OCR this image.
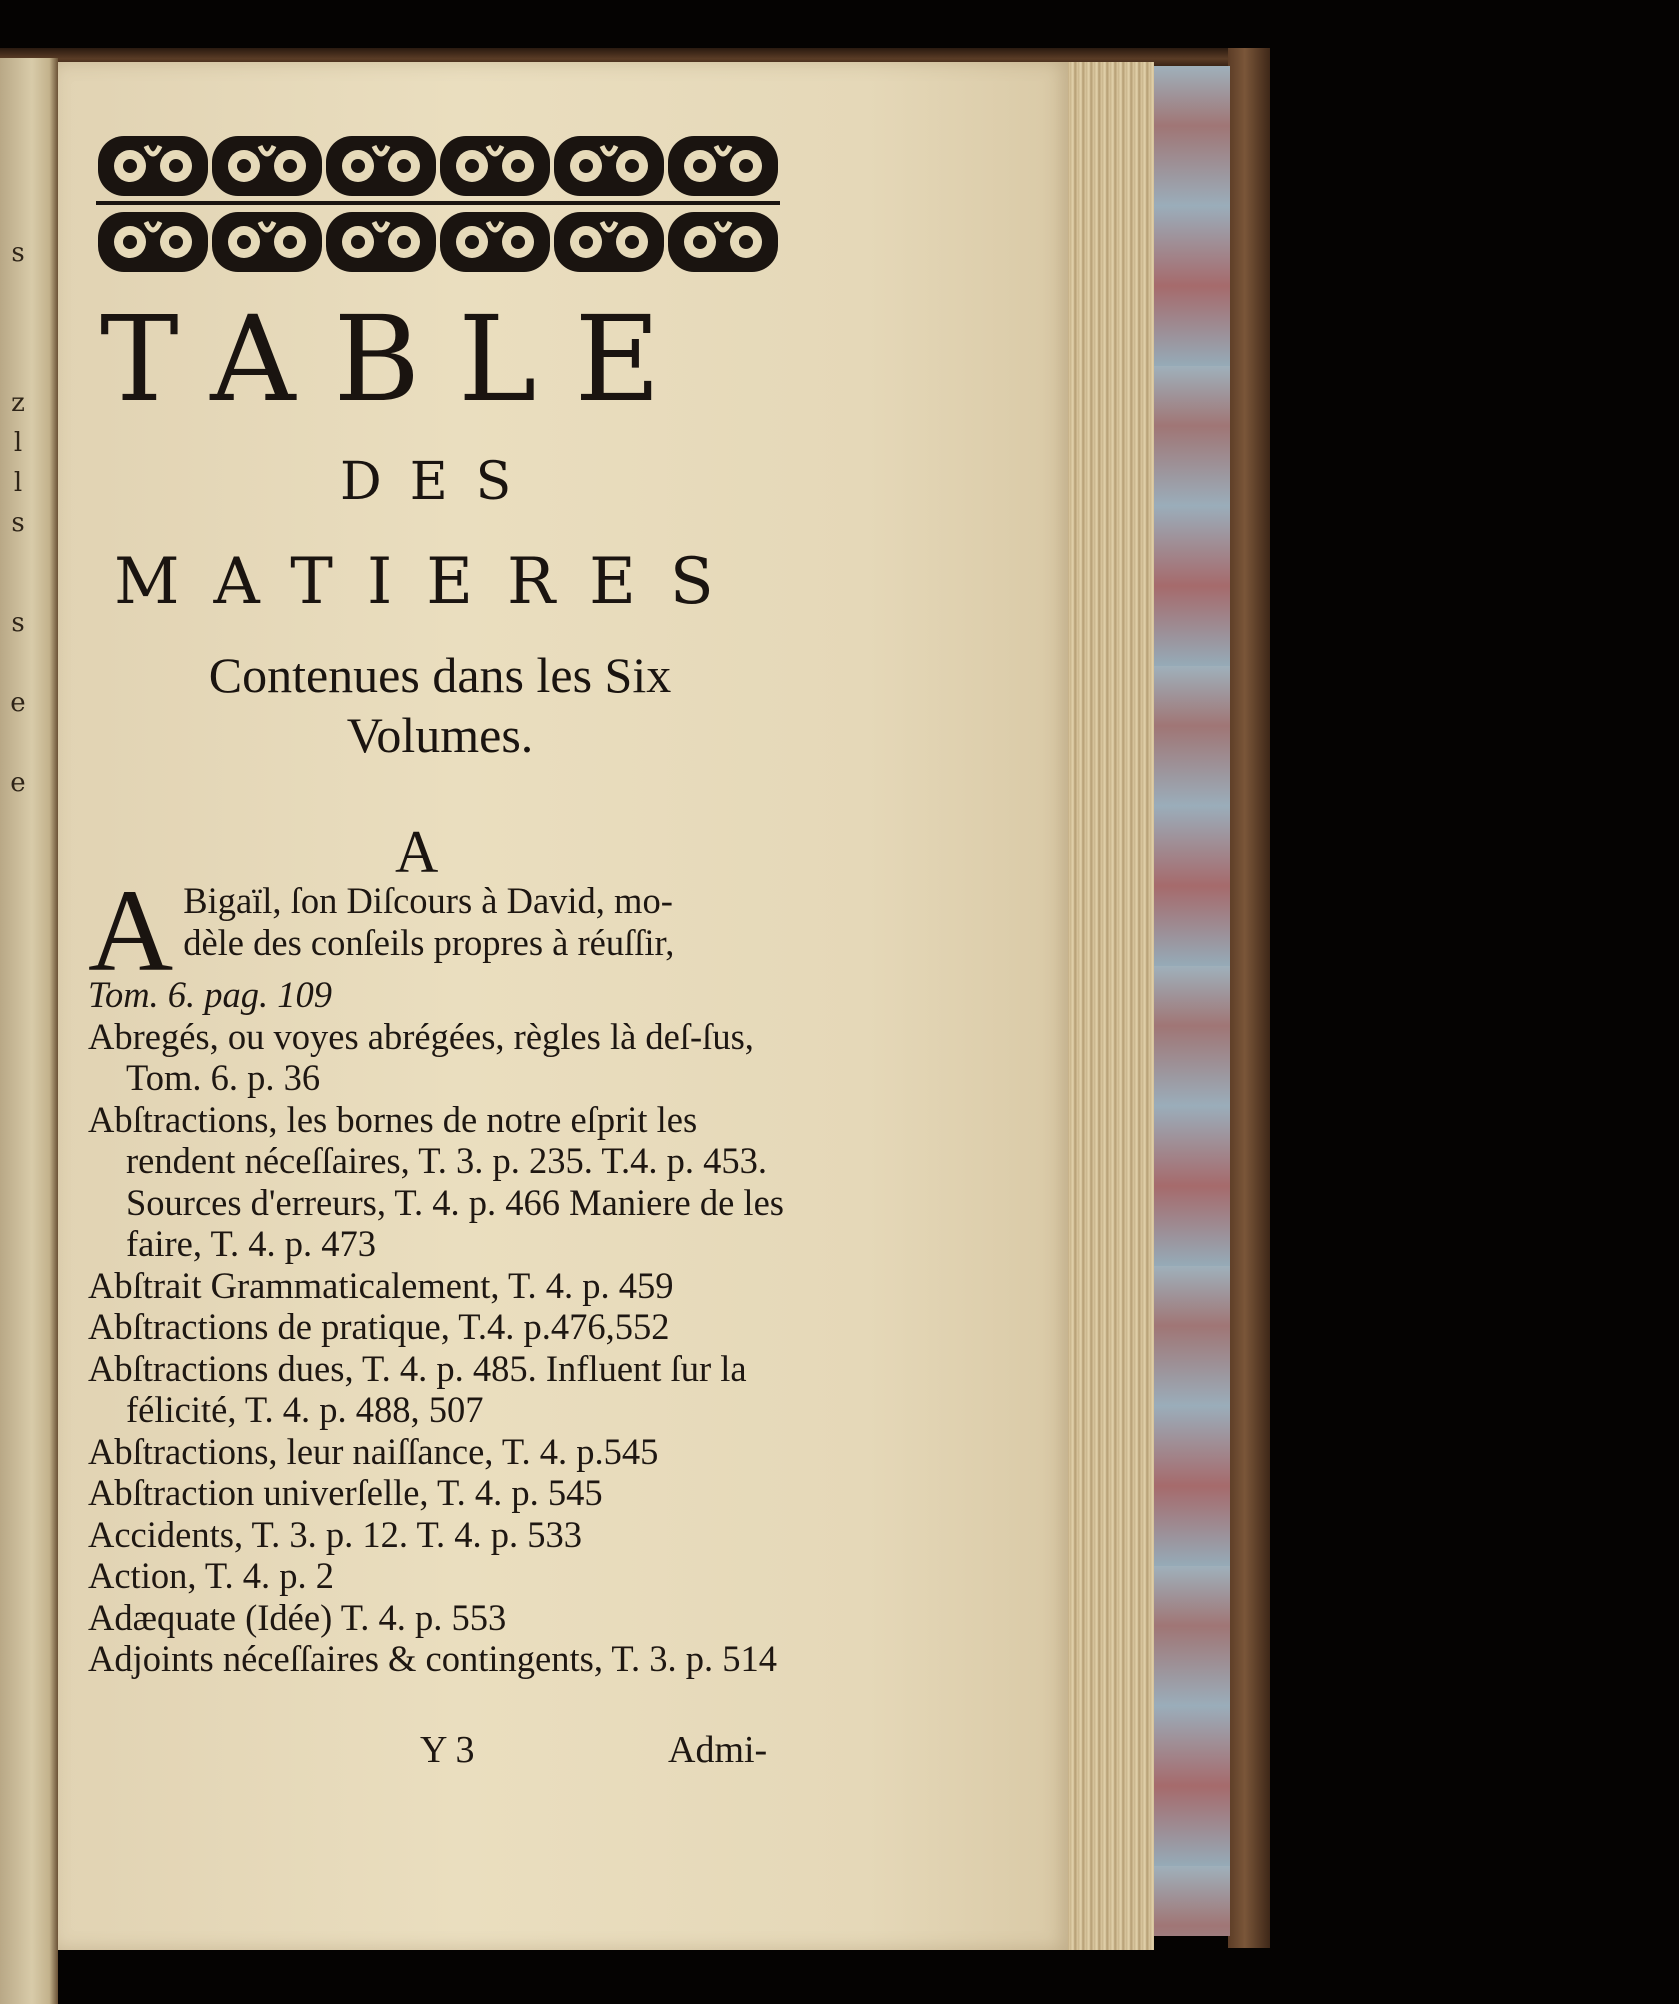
s
z
l
l
s
s
e
e
TABLE
DES
MATIERES
Contenues dans les Six
Volumes.
A
A Bigaïl, ſon Diſcours à David, mo-
dèle des conſeils propres à réuſſir,
Tom. 6. pag. 109
Abregés, ou voyes abrégées, règles là deſ-ſus, Tom. 6. p. 36
Abſtractions, les bornes de notre eſprit les rendent néceſſaires, T. 3. p. 235. T.4. p. 453. Sources d'erreurs, T. 4. p. 466 Maniere de les faire, T. 4. p. 473
Abſtrait Grammaticalement, T. 4. p. 459
Abſtractions de pratique, T.4. p.476,552
Abſtractions dues, T. 4. p. 485. Influent ſur la félicité, T. 4. p. 488, 507
Abſtractions, leur naiſſance, T. 4. p.545
Abſtraction univerſelle, T. 4. p. 545
Accidents, T. 3. p. 12. T. 4. p. 533
Action, T. 4. p. 2
Adæquate (Idée) T. 4. p. 553
Adjoints néceſſaires & contingents, T. 3. p. 514
Y 3	Admi-
